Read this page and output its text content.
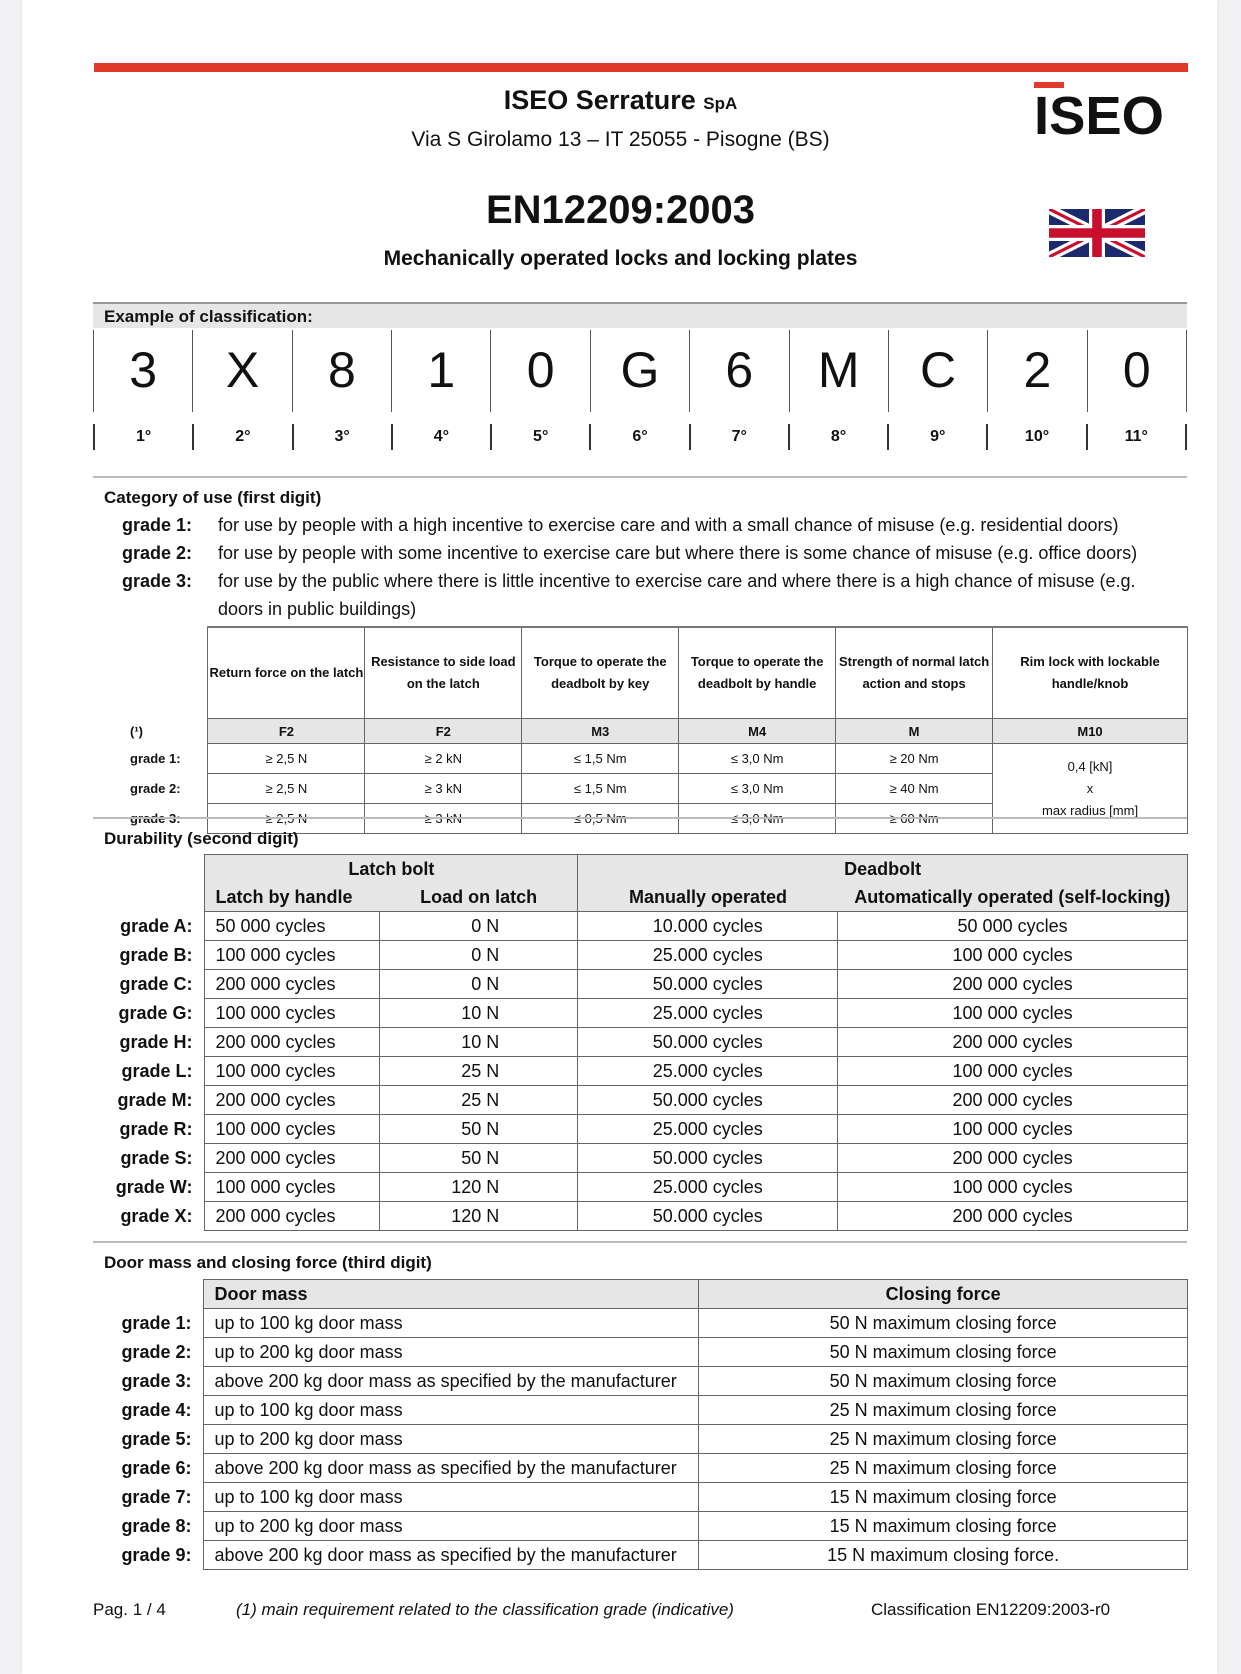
ISEO Serrature SpA
Via S Girolamo 13 – IT 25055 - Pisogne (BS)
EN12209:2003
Mechanically operated locks and locking plates
ISEO
Example of classification:
3	X	8	1	0	G	6	M	C	2	0
1°	2°	3°	4°	5°	6°	7°	8°	9°	10°	11°
Category of use (first digit)
grade 1: for use by people with a high incentive to exercise care and with a small chance of misuse (e.g. residential doors)
grade 2: for use by people with some incentive to exercise care but where there is some chance of misuse (e.g. office doors)
grade 3: for use by the public where there is little incentive to exercise care and where there is a high chance of misuse (e.g.
doors in public buildings)
	Return force on the latch	Resistance to side load on the latch	Torque to operate the deadbolt by key	Torque to operate the deadbolt by handle	Strength of normal latch action and stops	Rim lock with lockable handle/knob
(¹)	F2	F2	M3	M4	M	M10
grade 1:	≥ 2,5 N	≥ 2 kN	≤ 1,5 Nm	≤ 3,0 Nm	≥ 20 Nm	0,4 [kN]
x
max radius [mm]

grade 2:	≥ 2,5 N	≥ 3 kN	≤ 1,5 Nm	≤ 3,0 Nm	≥ 40 Nm	
grade 3:	≥ 2,5 N	≥ 3 kN	≤ 0,5 Nm	≤ 3,0 Nm	≥ 60 Nm	
Durability (second digit)
	Latch bolt		Deadbolt	
	Latch by handle	Load on latch	Manually operated	Automatically operated (self-locking)
grade A:	50 000 cycles	0 N	10.000 cycles	50 000 cycles
grade B:	100 000 cycles	0 N	25.000 cycles	100 000 cycles
grade C:	200 000 cycles	0 N	50.000 cycles	200 000 cycles
grade G:	100 000 cycles	10 N	25.000 cycles	100 000 cycles
grade H:	200 000 cycles	10 N	50.000 cycles	200 000 cycles
grade L:	100 000 cycles	25 N	25.000 cycles	100 000 cycles
grade M:	200 000 cycles	25 N	50.000 cycles	200 000 cycles
grade R:	100 000 cycles	50 N	25.000 cycles	100 000 cycles
grade S:	200 000 cycles	50 N	50.000 cycles	200 000 cycles
grade W:	100 000 cycles	120 N	25.000 cycles	100 000 cycles
grade X:	200 000 cycles	120 N	50.000 cycles	200 000 cycles
Door mass and closing force (third digit)
	Door mass	Closing force
grade 1:	up to 100 kg door mass	50 N maximum closing force
grade 2:	up to 200 kg door mass	50 N maximum closing force
grade 3:	above 200 kg door mass as specified by the manufacturer	50 N maximum closing force
grade 4:	up to 100 kg door mass	25 N maximum closing force
grade 5:	up to 200 kg door mass	25 N maximum closing force
grade 6:	above 200 kg door mass as specified by the manufacturer	25 N maximum closing force
grade 7:	up to 100 kg door mass	15 N maximum closing force
grade 8:	up to 200 kg door mass	15 N maximum closing force
grade 9:	above 200 kg door mass as specified by the manufacturer	15 N maximum closing force.
Pag. 1 / 4	(1) main requirement related to the classification grade (indicative)	Classification EN12209:2003-r0
